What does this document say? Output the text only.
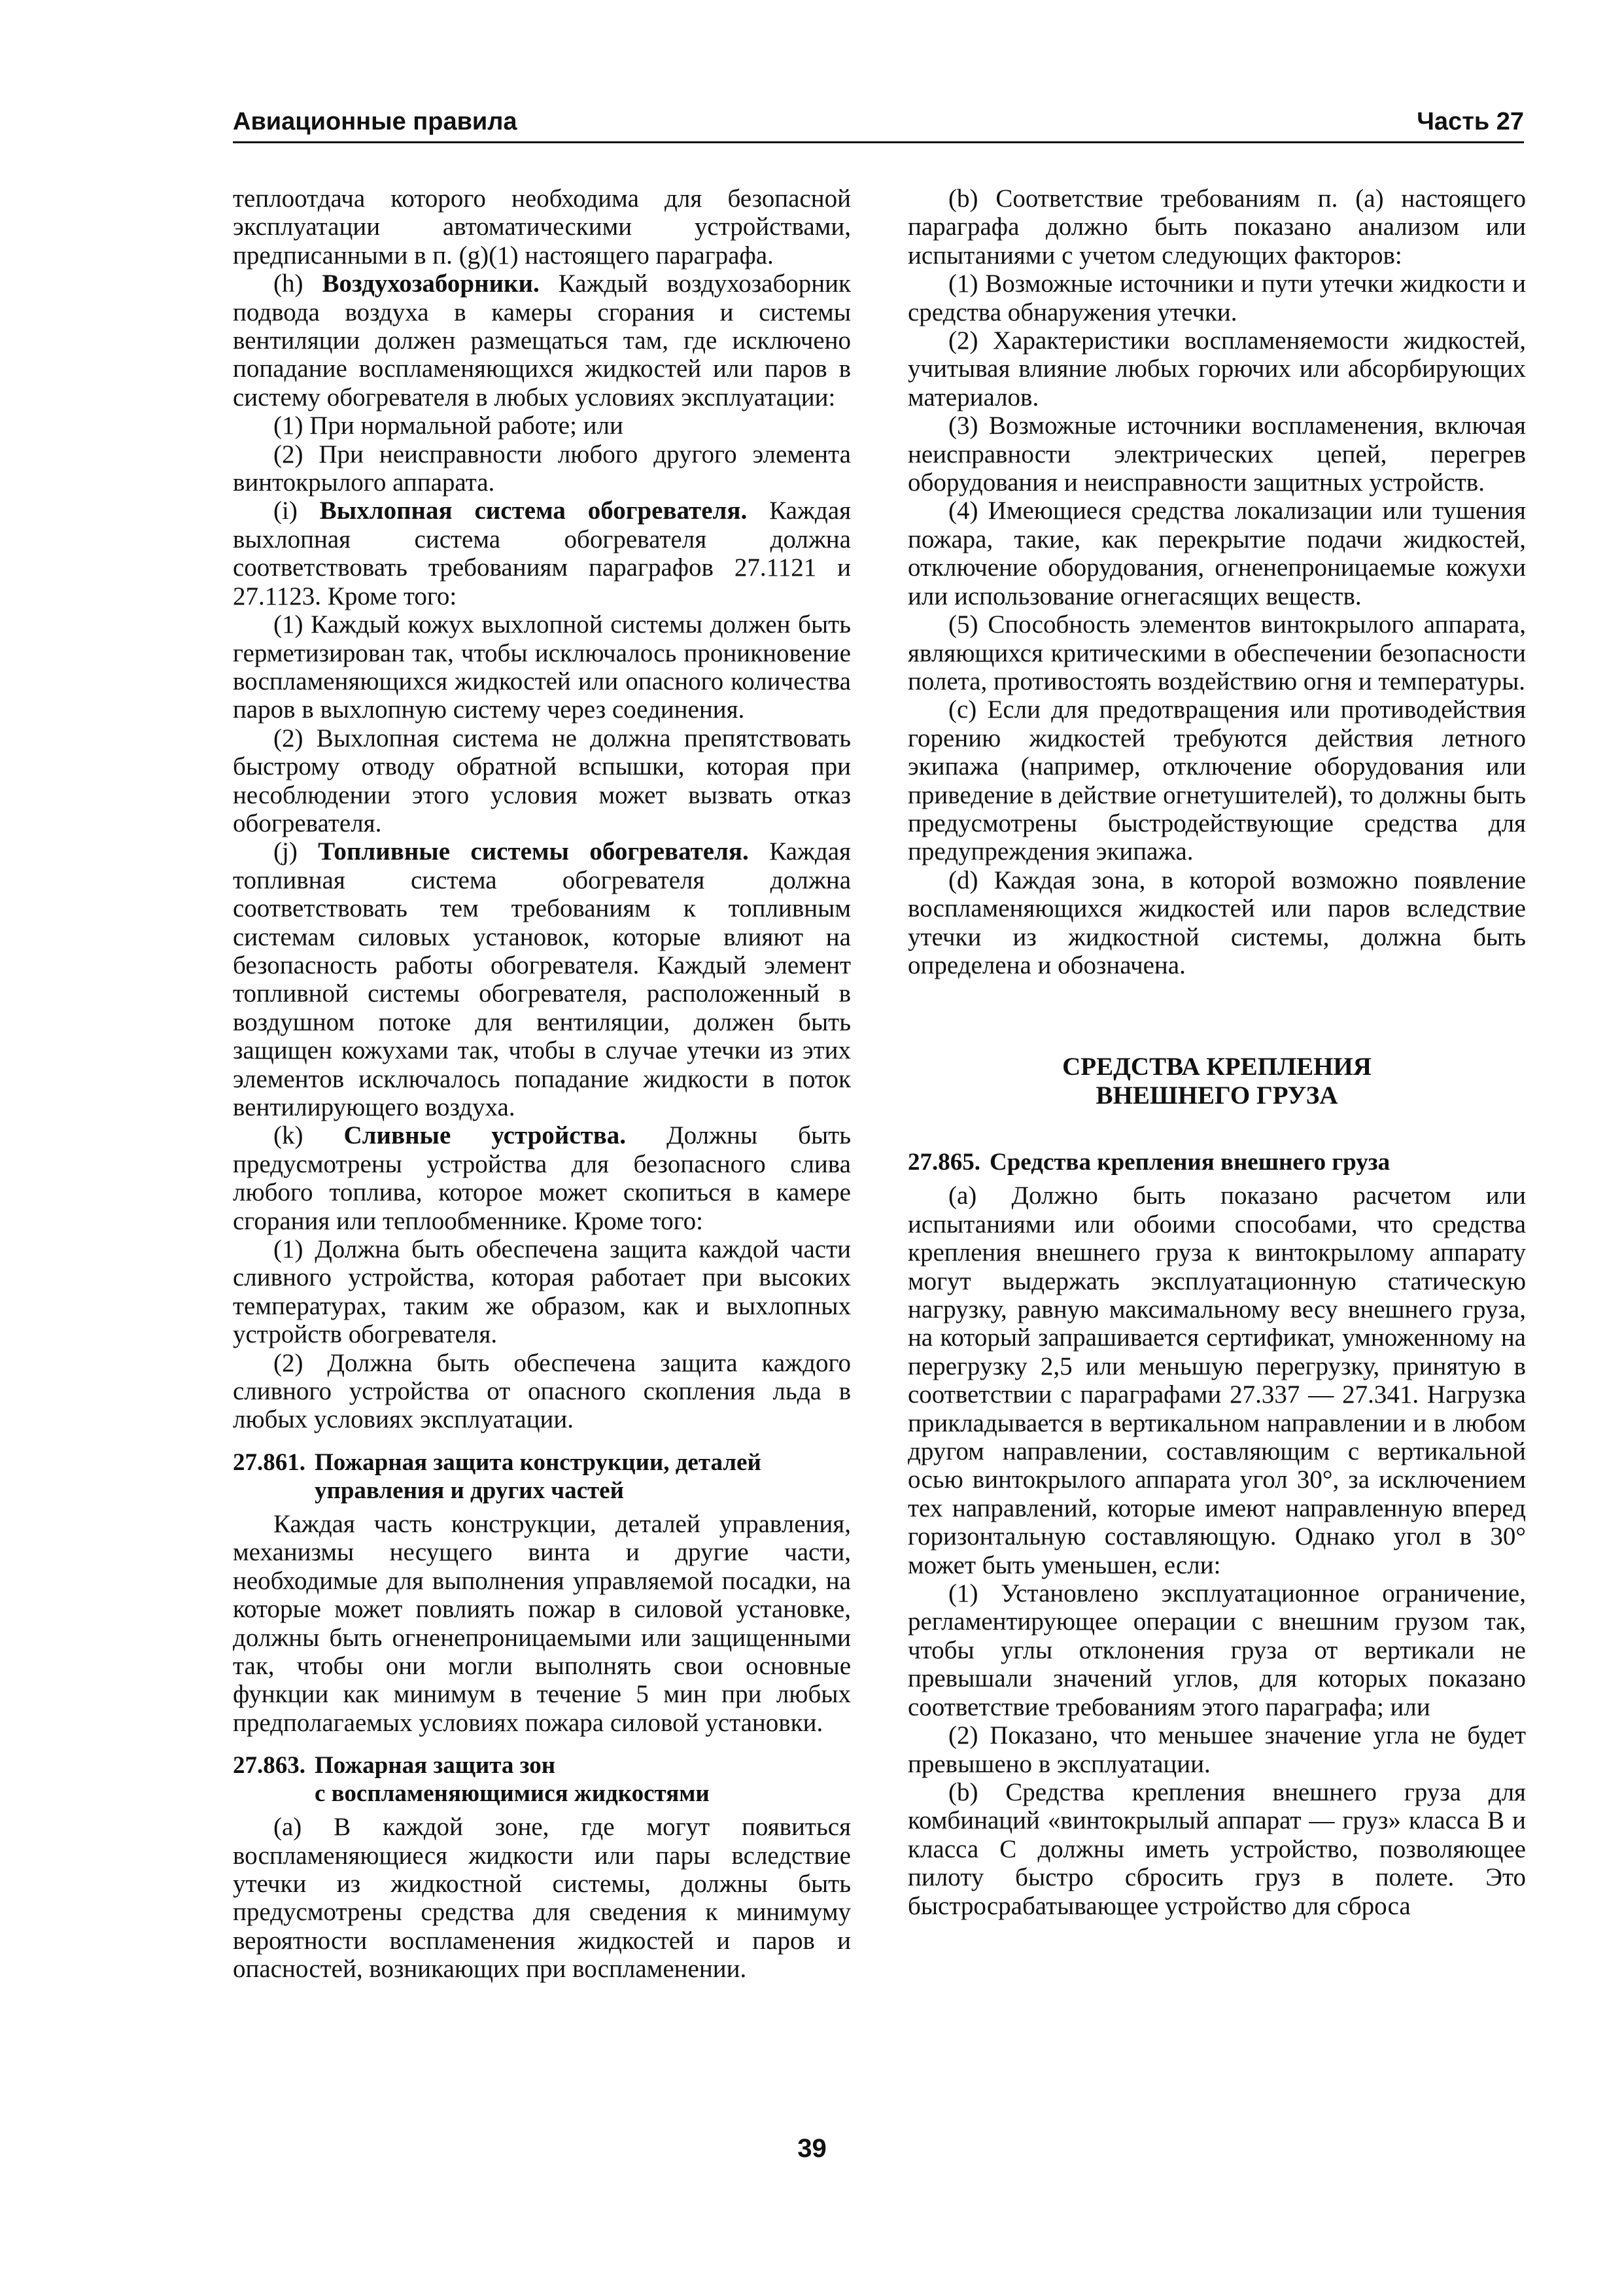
Авиационные правила	Часть 27

теплоотдача которого необходима для безопасной эксплуатации автоматическими устройствами, предписанными в п. (g)(1) настоящего параграфа.

(h) Воздухозаборники. Каждый воздухозаборник подвода воздуха в камеры сгорания и системы вентиляции должен размещаться там, где исключено попадание воспламеняющихся жидкостей или паров в систему обогревателя в любых условиях эксплуатации:

(1) При нормальной работе; или

(2) При неисправности любого другого элемента винтокрылого аппарата.

(i) Выхлопная система обогревателя. Каждая выхлопная система обогревателя должна соответствовать требованиям параграфов 27.1121 и 27.1123. Кроме того:

(1) Каждый кожух выхлопной системы должен быть герметизирован так, чтобы исключалось проникновение воспламеняющихся жидкостей или опасного количества паров в выхлопную систему через соединения.

(2) Выхлопная система не должна препятствовать быстрому отводу обратной вспышки, которая при несоблюдении этого условия может вызвать отказ обогревателя.

(j) Топливные системы обогревателя. Каждая топливная система обогревателя должна соответствовать тем требованиям к топливным системам силовых установок, которые влияют на безопасность работы обогревателя. Каждый элемент топливной системы обогревателя, расположенный в воздушном потоке для вентиляции, должен быть защищен кожухами так, чтобы в случае утечки из этих элементов исключалось попадание жидкости в поток вентилирующего воздуха.

(k) Сливные устройства. Должны быть предусмотрены устройства для безопасного слива любого топлива, которое может скопиться в камере сгорания или теплообменнике. Кроме того:

(1) Должна быть обеспечена защита каждой части сливного устройства, которая работает при высоких температурах, таким же образом, как и выхлопных устройств обогревателя.

(2) Должна быть обеспечена защита каждого сливного устройства от опасного скопления льда в любых условиях эксплуатации.

27.861. Пожарная защита конструкции, деталей
управления и других частей

Каждая часть конструкции, деталей управления, механизмы несущего винта и другие части, необходимые для выполнения управляемой посадки, на которые может повлиять пожар в силовой установке, должны быть огненепроницаемыми или защищенными так, чтобы они могли выполнять свои основные функции как минимум в течение 5 мин при любых предполагаемых условиях пожара силовой установки.

27.863. Пожарная защита зон
с воспламеняющимися жидкостями

(a) В каждой зоне, где могут появиться воспламеняющиеся жидкости или пары вследствие утечки из жидкостной системы, должны быть предусмотрены средства для сведения к минимуму вероятности воспламенения жидкостей и паров и опасностей, возникающих при воспламенении.

(b) Соответствие требованиям п. (a) настоящего параграфа должно быть показано анализом или испытаниями с учетом следующих факторов:

(1) Возможные источники и пути утечки жидкости и средства обнаружения утечки.

(2) Характеристики воспламеняемости жидкостей, учитывая влияние любых горючих или абсорбирующих материалов.

(3) Возможные источники воспламенения, включая неисправности электрических цепей, перегрев оборудования и неисправности защитных устройств.

(4) Имеющиеся средства локализации или тушения пожара, такие, как перекрытие подачи жидкостей, отключение оборудования, огненепроницаемые кожухи или использование огнегасящих веществ.

(5) Способность элементов винтокрылого аппарата, являющихся критическими в обеспечении безопасности полета, противостоять воздействию огня и температуры.

(c) Если для предотвращения или противодействия горению жидкостей требуются действия летного экипажа (например, отключение оборудования или приведение в действие огнетушителей), то должны быть предусмотрены быстродействующие средства для предупреждения экипажа.

(d) Каждая зона, в которой возможно появление воспламеняющихся жидкостей или паров вследствие утечки из жидкостной системы, должна быть определена и обозначена.

СРЕДСТВА КРЕПЛЕНИЯ
ВНЕШНЕГО ГРУЗА
27.865. Средства крепления внешнего груза

(a) Должно быть показано расчетом или испытаниями или обоими способами, что средства крепления внешнего груза к винтокрылому аппарату могут выдержать эксплуатационную статическую нагрузку, равную максимальному весу внешнего груза, на который запрашивается сертификат, умноженному на перегрузку 2,5 или меньшую перегрузку, принятую в соответствии с параграфами 27.337 — 27.341. Нагрузка прикладывается в вертикальном направлении и в любом другом направлении, составляющим с вертикальной осью винтокрылого аппарата угол 30°, за исключением тех направлений, которые имеют направленную вперед горизонтальную составляющую. Однако угол в 30° может быть уменьшен, если:

(1) Установлено эксплуатационное ограничение, регламентирующее операции с внешним грузом так, чтобы углы отклонения груза от вертикали не превышали значений углов, для которых показано соответствие требованиям этого параграфа; или

(2) Показано, что меньшее значение угла не будет превышено в эксплуатации.

(b) Средства крепления внешнего груза для комбинаций «винтокрылый аппарат — груз» класса B и класса C должны иметь устройство, позволяющее пилоту быстро сбросить груз в полете. Это быстросрабатывающее устройство для сброса

39
